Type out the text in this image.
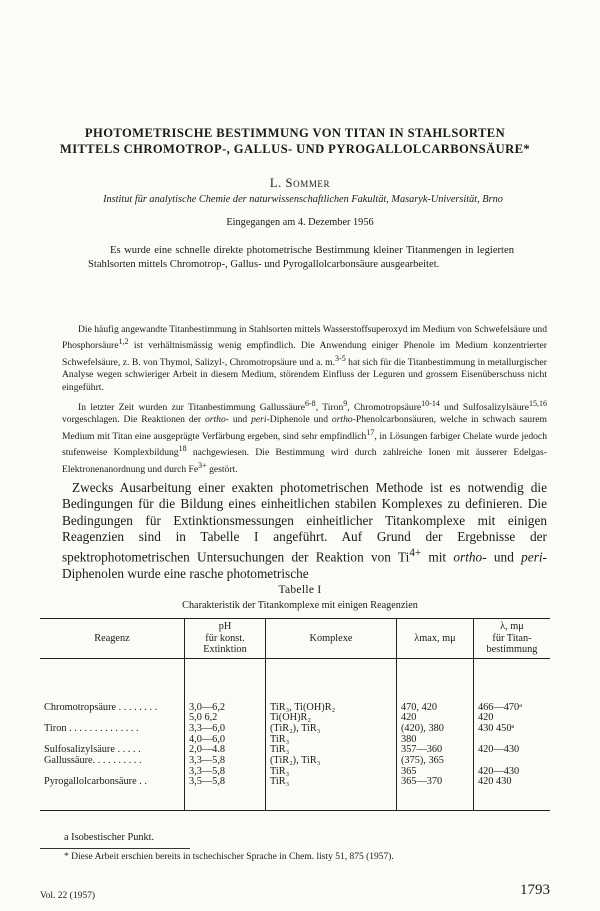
PHOTOMETRISCHE BESTIMMUNG VON TITAN IN STAHLSORTEN
MITTELS CHROMOTROP-, GALLUS- UND PYROGALLOLCARBONSÄURE*
L. Sommer
Institut für analytische Chemie der naturwissenschaftlichen Fakultät, Masaryk-Universität, Brno
Eingegangen am 4. Dezember 1956
Es wurde eine schnelle direkte photometrische Bestimmung kleiner Titanmengen in legierten Stahlsorten mittels Chromotrop-, Gallus- und Pyrogallolcarbonsäure ausgearbeitet.

Die häufig angewandte Titanbestimmung in Stahlsorten mittels Wasserstoffsuperoxyd im Medium von Schwefelsäure und Phosphorsäure$^{1,2}$ ist verhältnismässig wenig empfindlich. Die Anwendung einiger Phenole im Medium konzentrierter Schwefelsäure, z. B. von Thymol, Salizyl-, Chromotropsäure und a. m.$^{3-5}$ hat sich für die Titanbestimmung in metallurgischer Analyse wegen schwieriger Arbeit in diesem Medium, störendem Einfluss der Leguren und grossem Eisenüberschuss nicht eingeführt.

In letzter Zeit wurden zur Titanbestimmung Gallussäure$^{6-8}$, Tiron$^9$, Chromotropsäure$^{10-14}$ und Sulfosalizylsäure$^{15,16}$ vorgeschlagen. Die Reaktionen der ortho- und peri-Diphenole und ortho-Phenolcarbonsäuren, welche in schwach saurem Medium mit Titan eine ausgeprägte Verfärbung ergeben, sind sehr empfindlich$^{17}$, in Lösungen farbiger Chelate wurde jedoch stufenweise Komplexbildung$^{18}$ nachgewiesen. Die Bestimmung wird durch zahlreiche Ionen mit äusserer Edelgas-Elektronenanordnung und durch $Fe^{3+}$ gestört.

Zwecks Ausarbeitung einer exakten photometrischen Methode ist es notwendig die Bedingungen für die Bildung eines einheitlichen stabilen Komplexes zu definieren. Die Bedingungen für Extinktionsmessungen einheitlicher Titankomplexe mit einigen Reagenzien sind in Tabelle I angeführt. Auf Grund der Ergebnisse der spektrophotometrischen Untersuchungen der Reaktion von $Ti^{4+}$ mit ortho- und peri-Diphenolen wurde eine rasche photometrische

Tabelle I
Charakteristik der Titankomplexe mit einigen Reagenzien
Reagenz	pH
für konst.
Extinktion	Komplexe	λmax, mμ	λ, mμ
für Titan-
bestimmung

Chromotropsäure . . . . . . . .	3,0—6,2	TiR₃, Ti(OH)R₂	470, 420	466—470ᵃ
	5,0 6,2	Ti(OH)R₂	420	420
Tiron . . . . . . . . . . . . . .	3,3—6,0	(TiR₂), TiR₃	(420), 380	430 450ᵃ
	4,0—6,0	TiR₃	380	
Sulfosalizylsäure . . . . .	2,0—4.8	TiR₃	357—360	420—430
Gallussäure. . . . . . . . . .	3,3—5,8	(TiR₂), TiR₃	(375), 365	
	3,3—5,8	TiR₃	365	420—430
Pyrogallolcarbonsäure . .	3,5—5,8	TiR₃	365—370	420 430
a Isobestischer Punkt.
* Diese Arbeit erschien bereits in tschechischer Sprache in Chem. listy 51, 875 (1957).
Vol. 22 (1957)	1793
